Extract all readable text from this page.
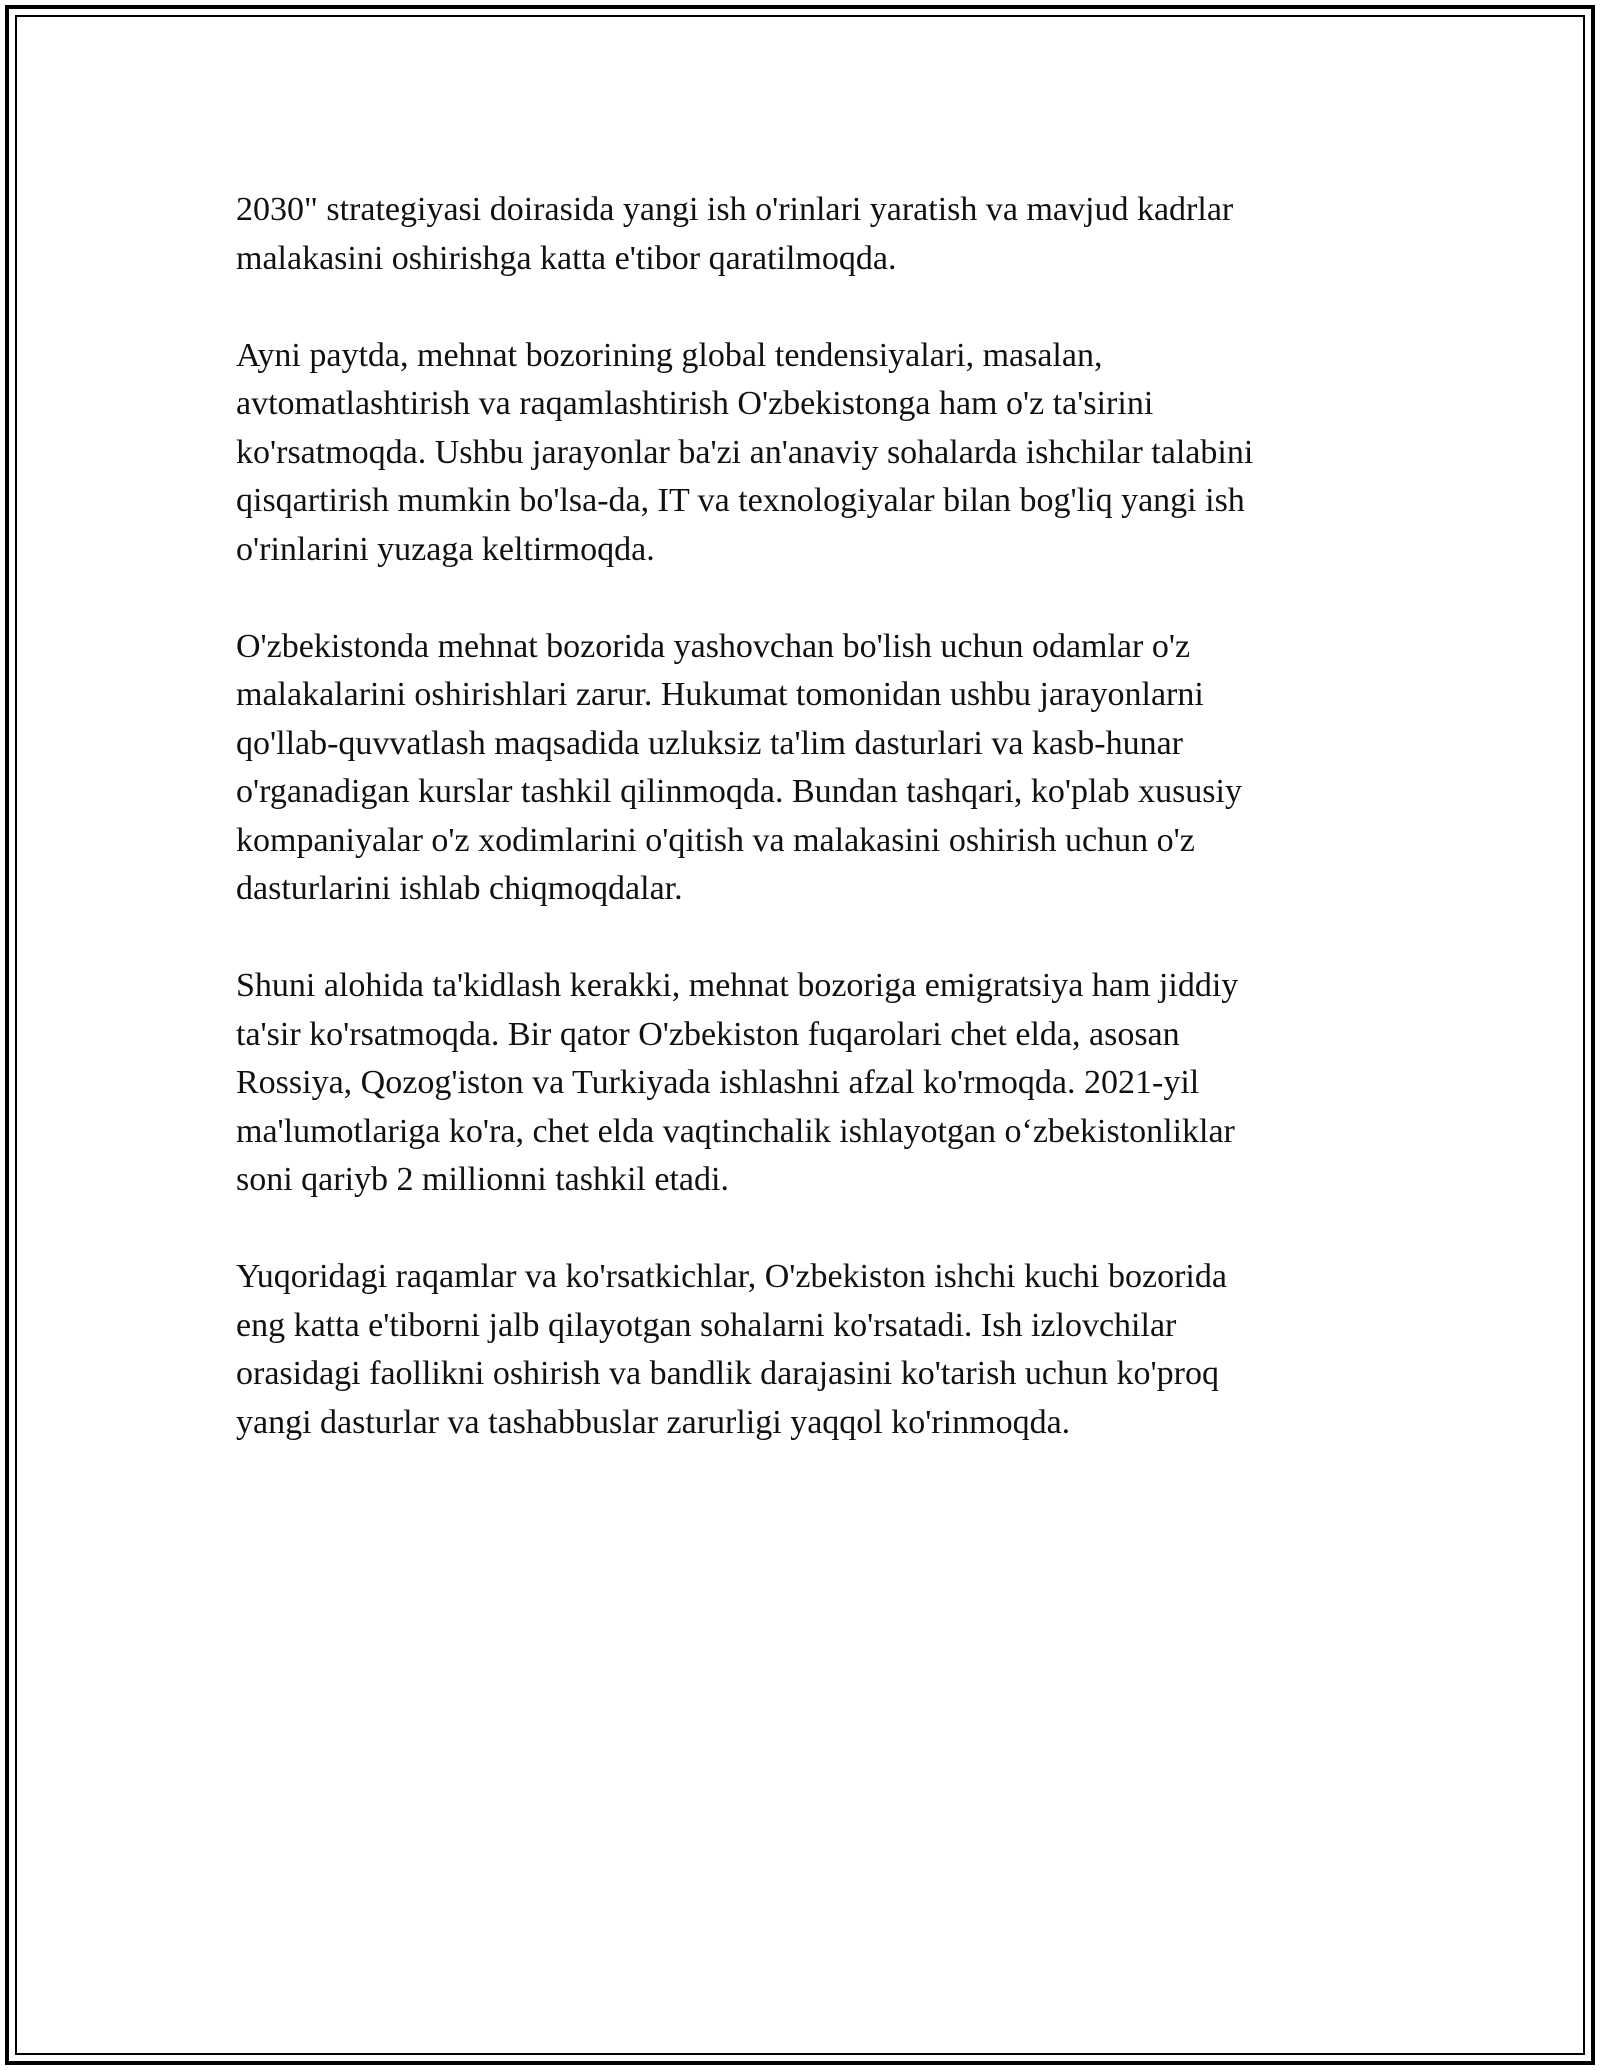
2030" strategiyasi doirasida yangi ish o'rinlari yaratish va mavjud kadrlar
malakasini oshirishga katta e'tibor qaratilmoqda.

Ayni paytda, mehnat bozorining global tendensiyalari, masalan,
avtomatlashtirish va raqamlashtirish O'zbekistonga ham o'z ta'sirini
ko'rsatmoqda. Ushbu jarayonlar ba'zi an'anaviy sohalarda ishchilar talabini
qisqartirish mumkin bo'lsa-da, IT va texnologiyalar bilan bog'liq yangi ish
o'rinlarini yuzaga keltirmoqda.

O'zbekistonda mehnat bozorida yashovchan bo'lish uchun odamlar o'z
malakalarini oshirishlari zarur. Hukumat tomonidan ushbu jarayonlarni
qo'llab-quvvatlash maqsadida uzluksiz ta'lim dasturlari va kasb-hunar
o'rganadigan kurslar tashkil qilinmoqda. Bundan tashqari, ko'plab xususiy
kompaniyalar o'z xodimlarini o'qitish va malakasini oshirish uchun o'z
dasturlarini ishlab chiqmoqdalar.

Shuni alohida ta'kidlash kerakki, mehnat bozoriga emigratsiya ham jiddiy
ta'sir ko'rsatmoqda. Bir qator O'zbekiston fuqarolari chet elda, asosan
Rossiya, Qozog'iston va Turkiyada ishlashni afzal ko'rmoqda. 2021-yil
ma'lumotlariga ko'ra, chet elda vaqtinchalik ishlayotgan o‘zbekistonliklar
soni qariyb 2 millionni tashkil etadi.

Yuqoridagi raqamlar va ko'rsatkichlar, O'zbekiston ishchi kuchi bozorida
eng katta e'tiborni jalb qilayotgan sohalarni ko'rsatadi. Ish izlovchilar
orasidagi faollikni oshirish va bandlik darajasini ko'tarish uchun ko'proq
yangi dasturlar va tashabbuslar zarurligi yaqqol ko'rinmoqda.
